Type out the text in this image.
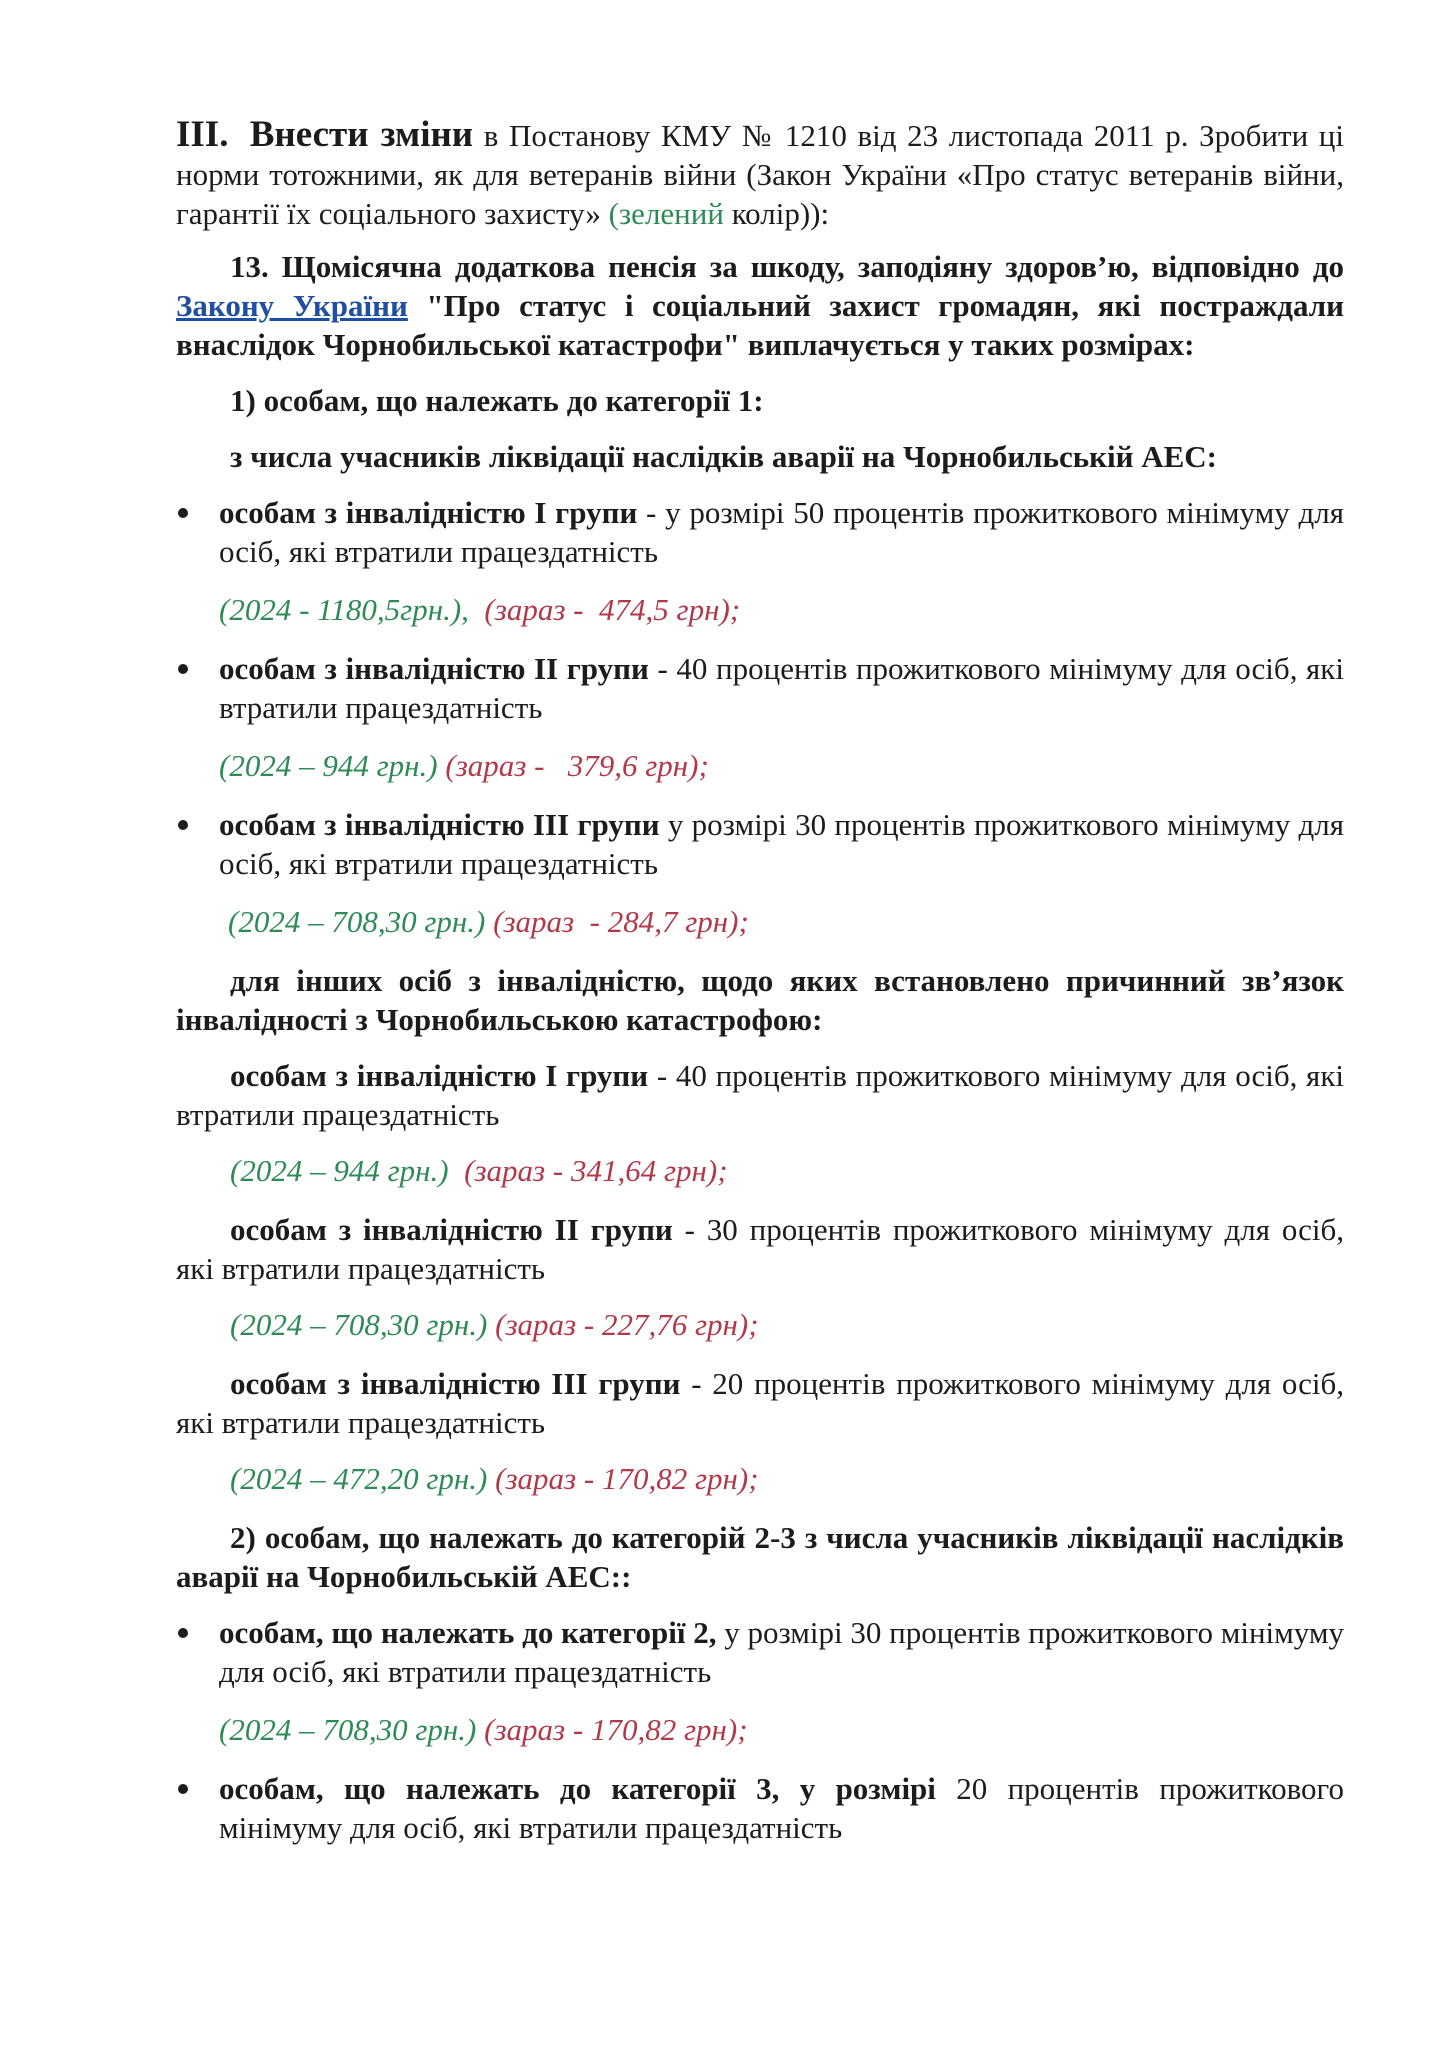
III. Внести зміни в Постанову КМУ № 1210 від 23 листопада 2011 р. Зробити ці норми тотожними, як для ветеранів війни (Закон України «Про статус ветеранів війни, гарантії їх соціального захисту» (зелений колір)):

13. Щомісячна додаткова пенсія за шкоду, заподіяну здоров’ю, відповідно до Закону України "Про статус і соціальний захист громадян, які постраждали внаслідок Чорнобильської катастрофи" виплачується у таких розмірах:

1) особам, що належать до категорії 1:

з числа учасників ліквідації наслідків аварії на Чорнобильській АЕС:

особам з інвалідністю І групи - у розмірі 50 процентів прожиткового мінімуму для осіб, які втратили працездатність

(2024 - 1180,5грн.),  (зараз -  474,5 грн);

особам з інвалідністю ІІ групи - 40 процентів прожиткового мінімуму для осіб, які втратили працездатність

(2024 – 944 грн.) (зараз -   379,6 грн);

особам з інвалідністю ІІІ групи у розмірі 30 процентів прожиткового мінімуму для осіб, які втратили працездатність

(2024 – 708,30 грн.) (зараз  - 284,7 грн);

для інших осіб з інвалідністю, щодо яких встановлено причинний зв’язок інвалідності з Чорнобильською катастрофою:

особам з інвалідністю І групи - 40 процентів прожиткового мінімуму для осіб, які втратили працездатність

(2024 – 944 грн.)  (зараз - 341,64 грн);

особам з інвалідністю ІІ групи - 30 процентів прожиткового мінімуму для осіб, які втратили працездатність

(2024 – 708,30 грн.) (зараз - 227,76 грн);

особам з інвалідністю ІІІ групи - 20 процентів прожиткового мінімуму для осіб, які втратили працездатність

(2024 – 472,20 грн.) (зараз - 170,82 грн);

2) особам, що належать до категорій 2-3 з числа учасників ліквідації наслідків аварії на Чорнобильській АЕС::

особам, що належать до категорії 2, у розмірі 30 процентів прожиткового мінімуму для осіб, які втратили працездатність

(2024 – 708,30 грн.) (зараз - 170,82 грн);

особам, що належать до категорії 3, у розмірі 20 процентів прожиткового мінімуму для осіб, які втратили працездатність
